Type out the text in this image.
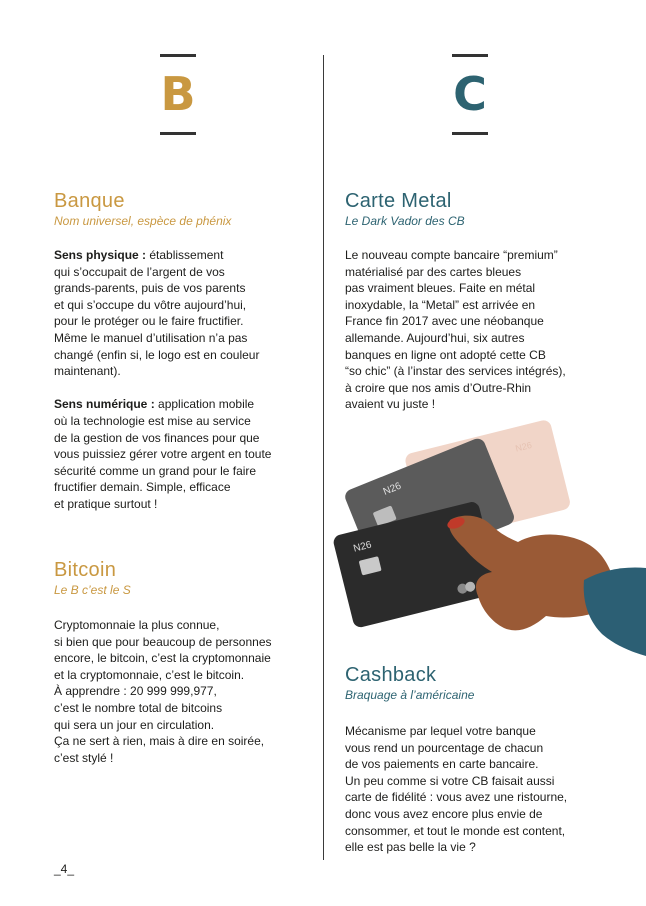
B	C
Banque
Nom universel, espèce de phénix

Sens physique : établissement

qui s’occupait de l’argent de vos

grands-parents, puis de vos parents

et qui s’occupe du vôtre aujourd’hui,

pour le protéger ou le faire fructifier.

Même le manuel d’utilisation n’a pas

changé (enfin si, le logo est en couleur

maintenant).

Sens numérique : application mobile

où la technologie est mise au service

de la gestion de vos finances pour que

vous puissiez gérer votre argent en toute

sécurité comme un grand pour le faire

fructifier demain. Simple, efficace

et pratique surtout !

Bitcoin
Le B c’est le S

Cryptomonnaie la plus connue,

si bien que pour beaucoup de personnes

encore, le bitcoin, c’est la cryptomonnaie

et la cryptomonnaie, c’est le bitcoin.

À apprendre : 20 999 999,977,

c’est le nombre total de bitcoins

qui sera un jour en circulation.

Ça ne sert à rien, mais à dire en soirée,

c’est stylé !

Carte Metal
Le Dark Vador des CB

Le nouveau compte bancaire “premium”

matérialisé par des cartes bleues

pas vraiment bleues. Faite en métal

inoxydable, la “Metal” est arrivée en

France fin 2017 avec une néobanque

allemande. Aujourd’hui, six autres

banques en ligne ont adopté cette CB

“so chic” (à l’instar des services intégrés),

à croire que nos amis d’Outre-Rhin

avaient vu juste !

N26
N26
N26
Cashback
Braquage à l’américaine

Mécanisme par lequel votre banque

vous rend un pourcentage de chacun

de vos paiements en carte bancaire.

Un peu comme si votre CB faisait aussi

carte de fidélité : vous avez une ristourne,

donc vous avez encore plus envie de

consommer, et tout le monde est content,

elle est pas belle la vie ?

_4_
